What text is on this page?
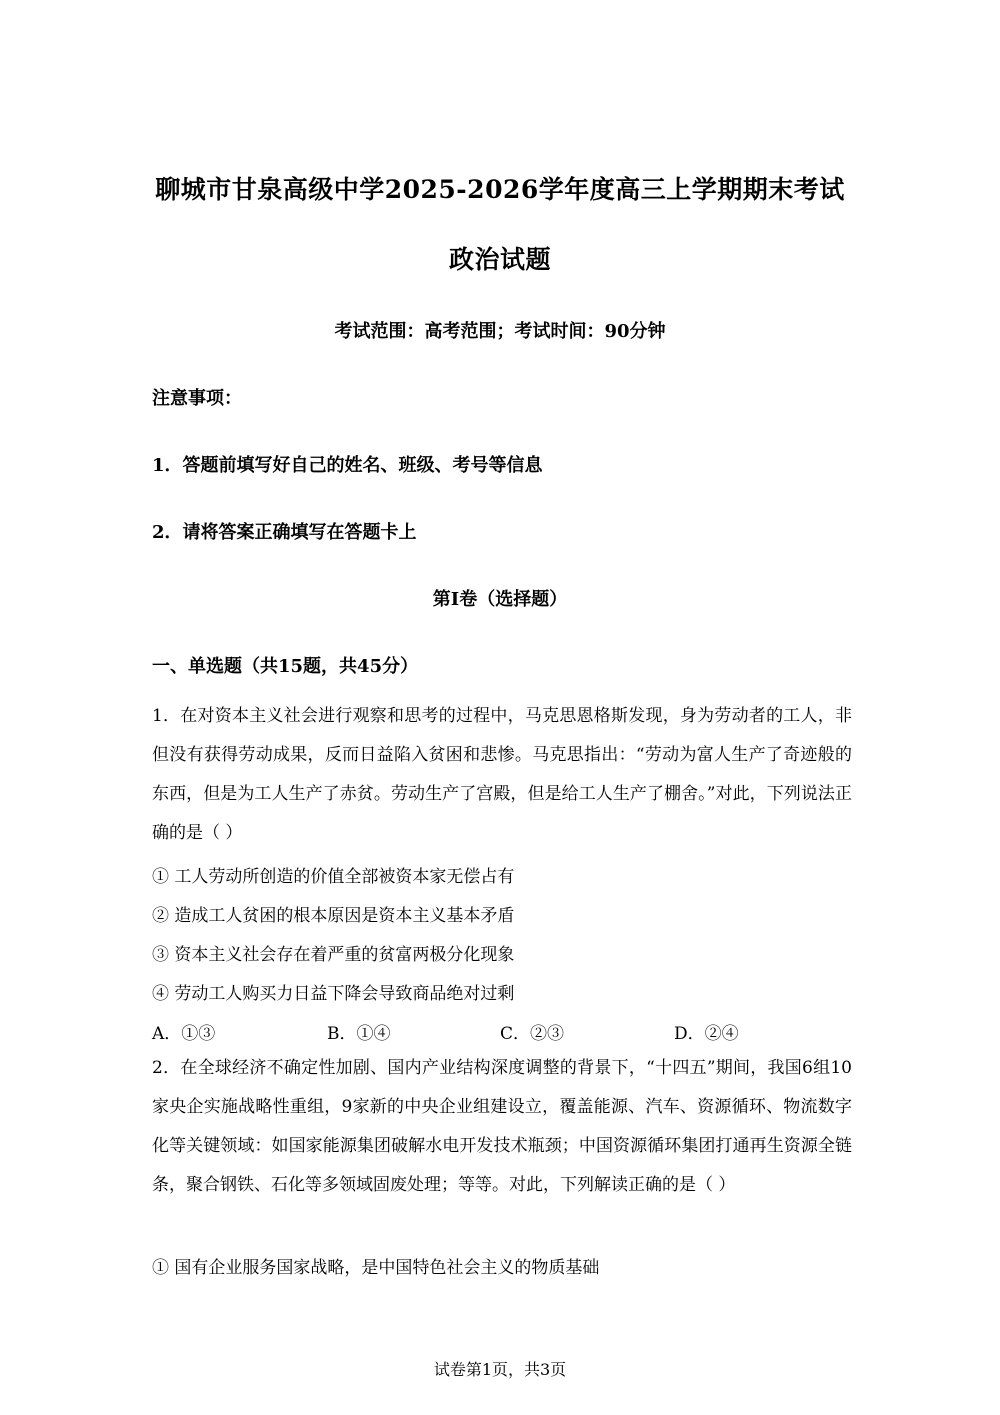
聊城市甘泉高级中学2025-2026学年度高三上学期期末考试
政治试题
考试范围：高考范围；考试时间：90分钟
注意事项：
1．答题前填写好自己的姓名、班级、考号等信息
2．请将答案正确填写在答题卡上
第I卷（选择题）
一、单选题（共15题，共45分）

1．在对资本主义社会进行观察和思考的过程中，马克思恩格斯发现，身为劳动者的工人，非但没有获得劳动成果，反而日益陷入贫困和悲惨。马克思指出：“劳动为富人生产了奇迹般的东西，但是为工人生产了赤贫。劳动生产了宫殿，但是给工人生产了棚舍。”对此，下列说法正确的是（ ）

① 工人劳动所创造的价值全部被资本家无偿占有
② 造成工人贫困的根本原因是资本主义基本矛盾
③ 资本主义社会存在着严重的贫富两极分化现象
④ 劳动工人购买力日益下降会导致商品绝对过剩
A．①③	B．①④	C．②③	D．②④

2．在全球经济不确定性加剧、国内产业结构深度调整的背景下，“十四五”期间，我国6组10家央企实施战略性重组，9家新的中央企业组建设立，覆盖能源、汽车、资源循环、物流数字化等关键领域：如国家能源集团破解水电开发技术瓶颈；中国资源循环集团打通再生资源全链条，聚合钢铁、石化等多领域固废处理；等等。对此，下列解读正确的是（ ）

① 国有企业服务国家战略，是中国特色社会主义的物质基础
试卷第1页，共3页
